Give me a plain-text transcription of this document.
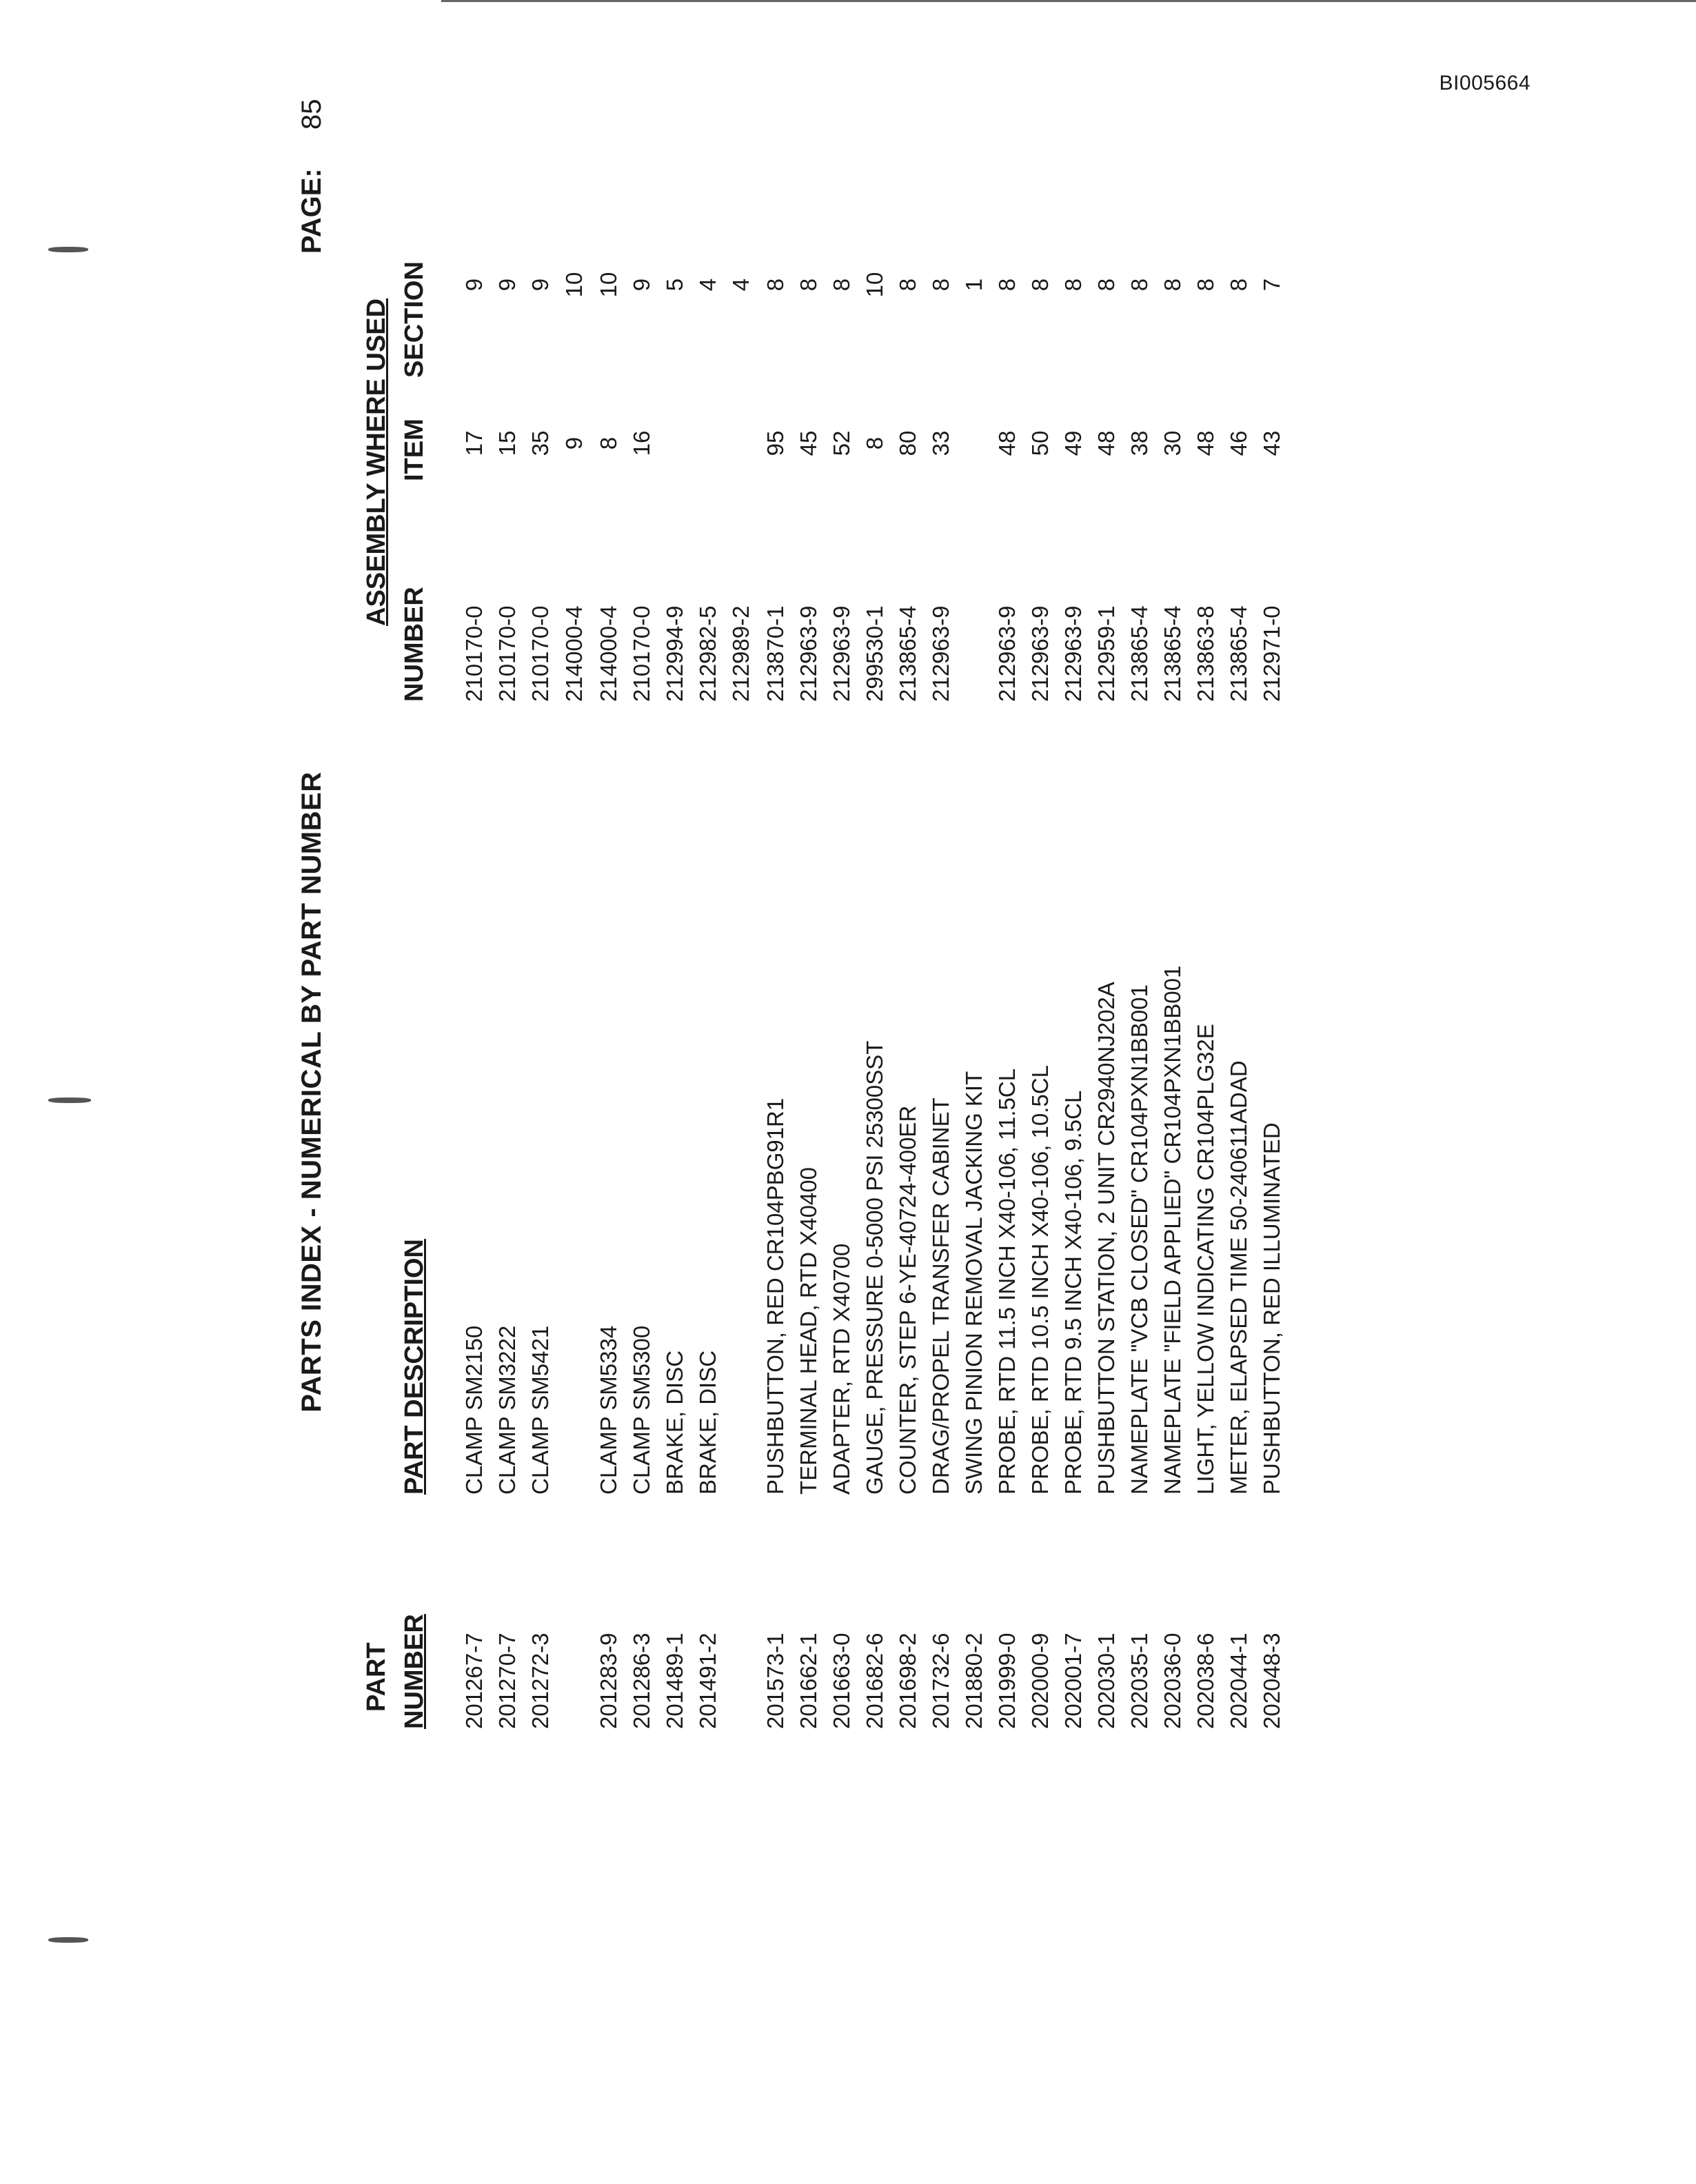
BI005664
PARTS INDEX - NUMERICAL BY PART NUMBER
PAGE:
85
PART NUMBER
PART DESCRIPTION
ASSEMBLY WHERE USED
NUMBER
ITEM
SECTION
201267-7
CLAMP SM2150
210170-0
17
9
201270-7
CLAMP SM3222
210170-0
15
9
201272-3
CLAMP SM5421
210170-0
35
9
214000-4
9
10
201283-9
CLAMP SM5334
214000-4
8
10
201286-3
CLAMP SM5300
210170-0
16
9
201489-1
BRAKE, DISC
212994-9
5
201491-2
BRAKE, DISC
212982-5
4
212989-2
4
201573-1
PUSHBUTTON, RED CR104PBG91R1
213870-1
95
8
201662-1
TERMINAL HEAD, RTD X40400
212963-9
45
8
201663-0
ADAPTER, RTD X40700
212963-9
52
8
201682-6
GAUGE, PRESSURE 0-5000 PSI 25300SST
299530-1
8
10
201698-2
COUNTER, STEP 6-YE-40724-400ER
213865-4
80
8
201732-6
DRAG/PROPEL TRANSFER CABINET
212963-9
33
8
201880-2
SWING PINION REMOVAL JACKING KIT
1
201999-0
PROBE, RTD 11.5 INCH X40-106, 11.5CL
212963-9
48
8
202000-9
PROBE, RTD 10.5 INCH X40-106, 10.5CL
212963-9
50
8
202001-7
PROBE, RTD 9.5 INCH X40-106, 9.5CL
212963-9
49
8
202030-1
PUSHBUTTON STATION, 2 UNIT CR2940NJ202A
212959-1
48
8
202035-1
NAMEPLATE "VCB CLOSED" CR104PXN1BB001
213865-4
38
8
202036-0
NAMEPLATE "FIELD APPLIED" CR104PXN1BB001
213865-4
30
8
202038-6
LIGHT, YELLOW INDICATING CR104PLG32E
213863-8
48
8
202044-1
METER, ELAPSED TIME 50-240611ADAD
213865-4
46
8
202048-3
PUSHBUTTON, RED ILLUMINATED
212971-0
43
7
